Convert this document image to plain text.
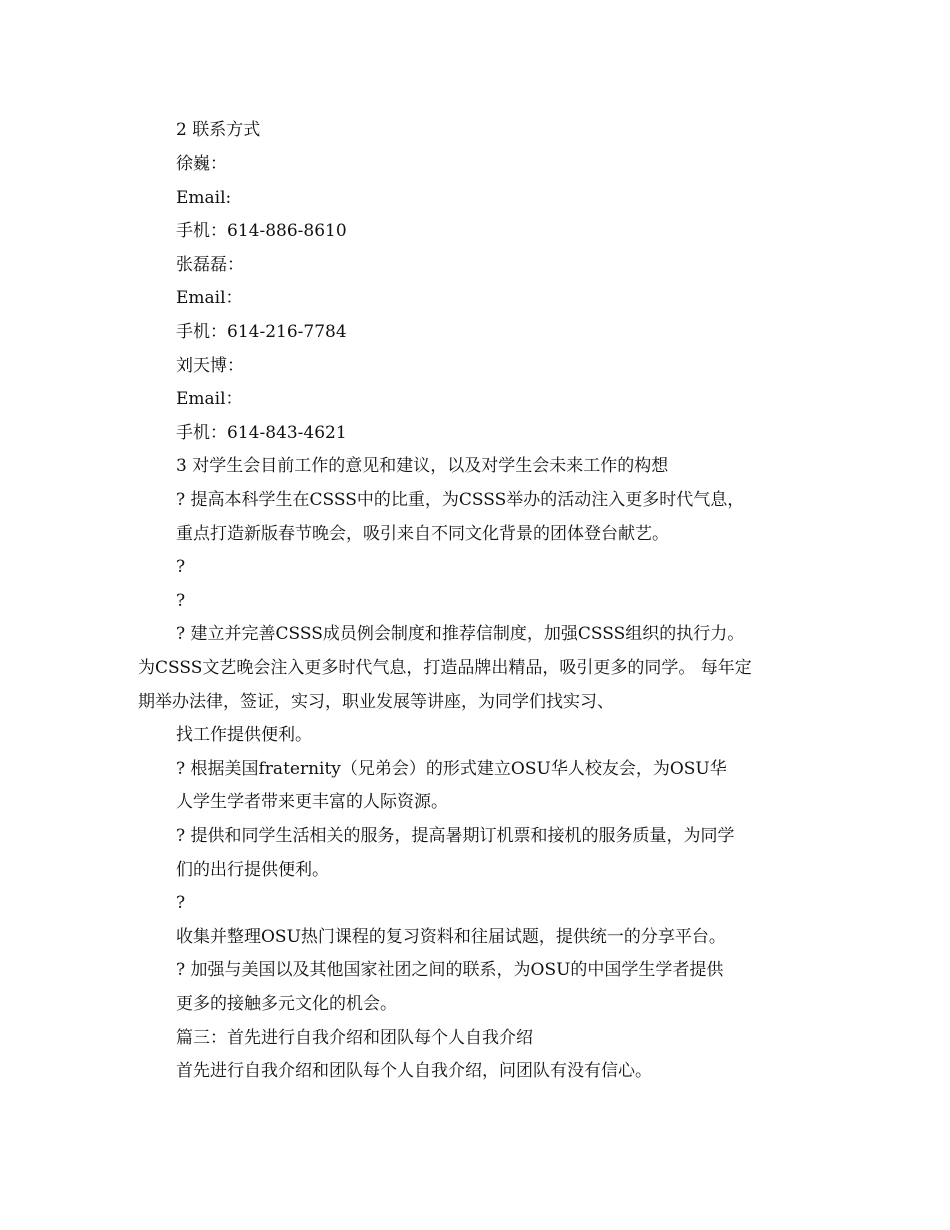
2 联系方式
徐巍：
Email:
手机：614-886-8610
张磊磊：
Email：
手机：614-216-7784
刘天博：
Email：
手机：614-843-4621
3 对学生会目前工作的意见和建议，以及对学生会未来工作的构想
? 提高本科学生在CSSS中的比重，为CSSS举办的活动注入更多时代气息，
重点打造新版春节晚会，吸引来自不同文化背景的团体登台献艺。
?
?
? 建立并完善CSSS成员例会制度和推荐信制度，加强CSSS组织的执行力。
为CSSS文艺晚会注入更多时代气息，打造品牌出精品，吸引更多的同学。 每年定
期举办法律，签证，实习，职业发展等讲座，为同学们找实习、
找工作提供便利。
? 根据美国fraternity（兄弟会）的形式建立OSU华人校友会，为OSU华
人学生学者带来更丰富的人际资源。
? 提供和同学生活相关的服务，提高暑期订机票和接机的服务质量，为同学
们的出行提供便利。
?
收集并整理OSU热门课程的复习资料和往届试题，提供统一的分享平台。
? 加强与美国以及其他国家社团之间的联系，为OSU的中国学生学者提供
更多的接触多元文化的机会。
篇三：首先进行自我介绍和团队每个人自我介绍
首先进行自我介绍和团队每个人自我介绍，问团队有没有信心。
